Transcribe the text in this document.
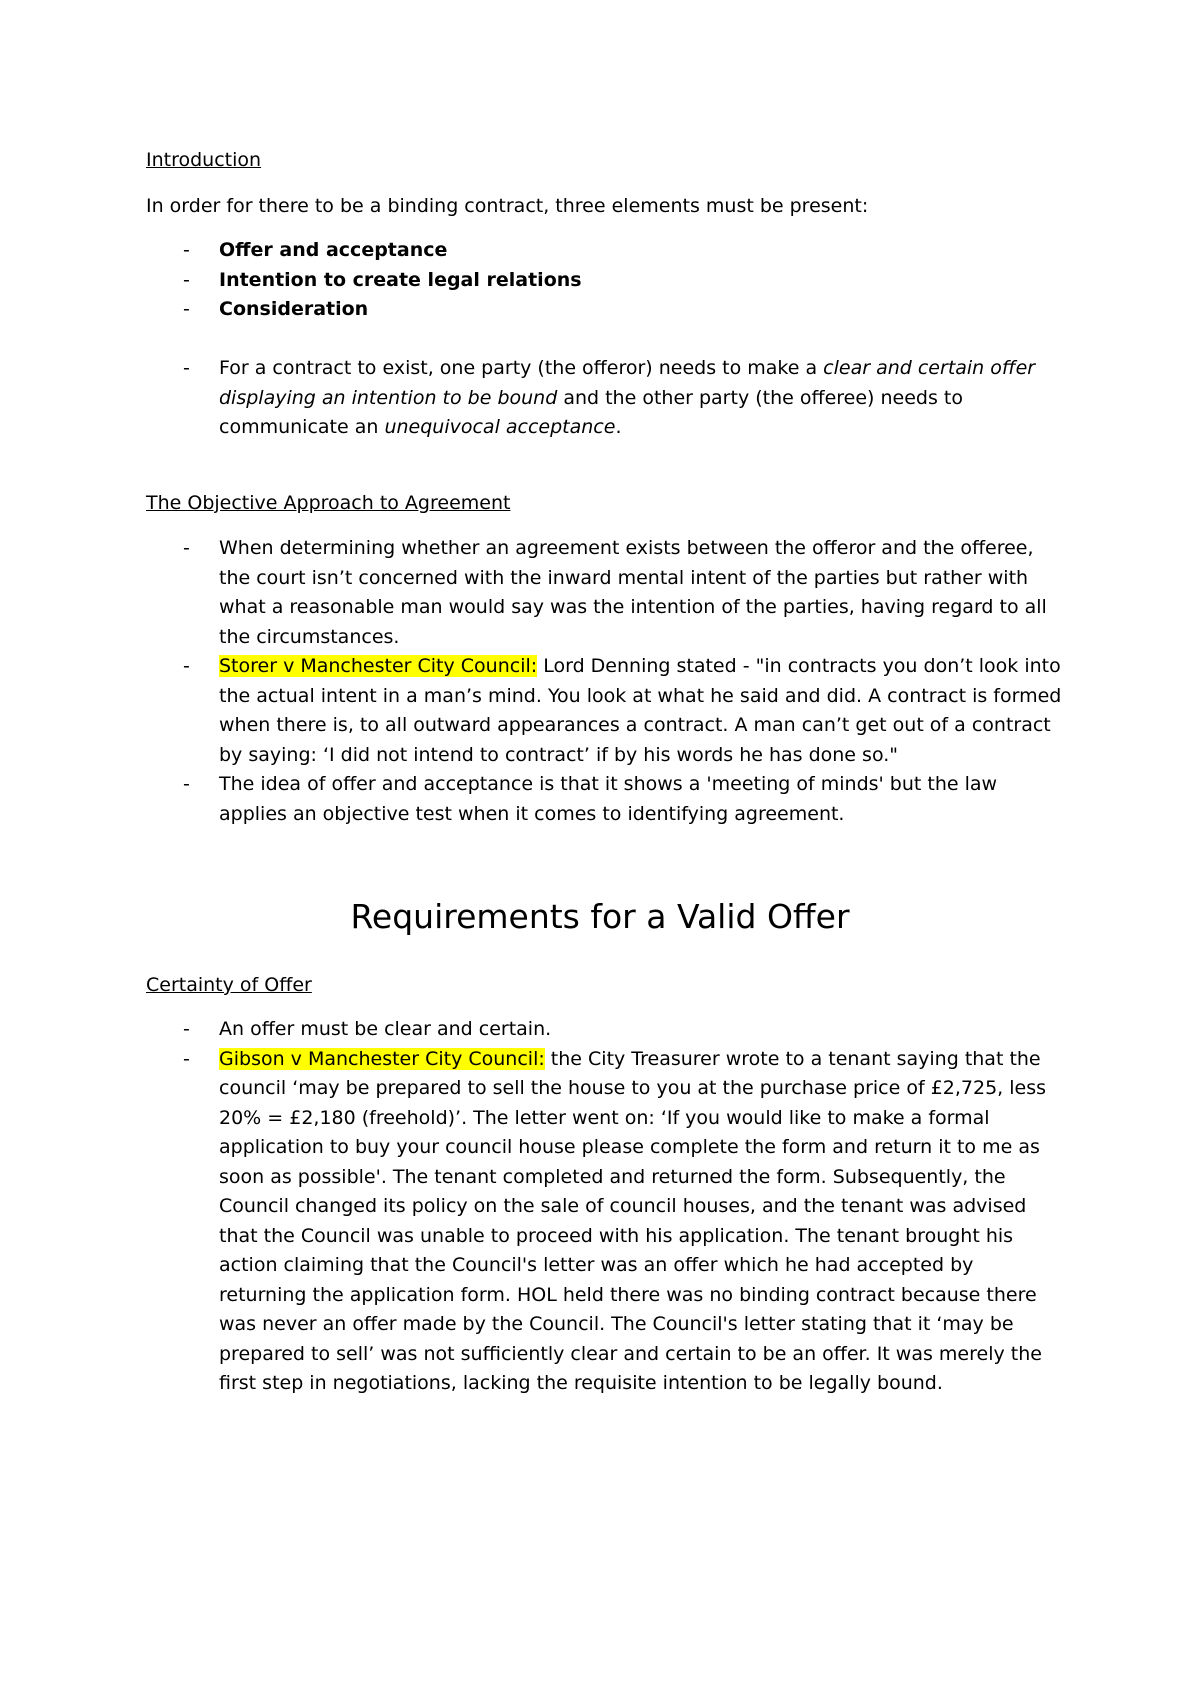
Introduction
In order for there to be a binding contract, three elements must be present:
- Offer and acceptance
- Intention to create legal relations
- Consideration
- For a contract to exist, one party (the offeror) needs to make a clear and certain offer displaying an intention to be bound and the other party (the offeree) needs to communicate an unequivocal acceptance.
The Objective Approach to Agreement
- When determining whether an agreement exists between the offeror and the offeree, the court isn’t concerned with the inward mental intent of the parties but rather with what a reasonable man would say was the intention of the parties, having regard to all the circumstances.
- Storer v Manchester City Council: Lord Denning stated - "in contracts you don’t look into the actual intent in a man’s mind. You look at what he said and did. A contract is formed when there is, to all outward appearances a contract. A man can’t get out of a contract by saying: ‘I did not intend to contract’ if by his words he has done so."
- The idea of offer and acceptance is that it shows a 'meeting of minds' but the law applies an objective test when it comes to identifying agreement.
Requirements for a Valid Offer
Certainty of Offer
- An offer must be clear and certain.
- Gibson v Manchester City Council: the City Treasurer wrote to a tenant saying that the council ‘may be prepared to sell the house to you at the purchase price of £2,725, less 20% = £2,180 (freehold)’. The letter went on: ‘If you would like to make a formal application to buy your council house please complete the form and return it to me as soon as possible'. The tenant completed and returned the form. Subsequently, the Council changed its policy on the sale of council houses, and the tenant was advised that the Council was unable to proceed with his application. The tenant brought his action claiming that the Council's letter was an offer which he had accepted by returning the application form. HOL held there was no binding contract because there was never an offer made by the Council. The Council's letter stating that it ‘may be prepared to sell’ was not sufficiently clear and certain to be an offer. It was merely the first step in negotiations, lacking the requisite intention to be legally bound.
